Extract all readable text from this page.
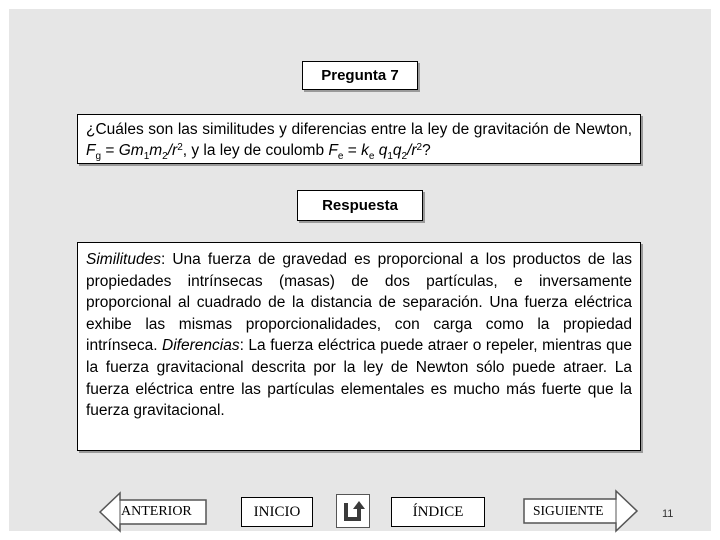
Pregunta 7
¿Cuáles son las similitudes y diferencias entre la ley de gravitación de Newton, $F_g = Gm_1m_2/r^2$, y la ley de coulomb $F_e = k_e$ $q_1q_2/r^2$?
Respuesta
Similitudes: Una fuerza de gravedad es proporcional a los productos de las propiedades intrínsecas (masas) de dos partículas, e inversamente proporcional al cuadrado de la distancia de separación. Una fuerza eléctrica exhibe las mismas proporcionalidades, con carga como la propiedad intrínseca. Diferencias: La fuerza eléctrica puede atraer o repeler, mientras que la fuerza gravitacional descrita por la ley de Newton sólo puede atraer. La fuerza eléctrica entre las partículas elementales es mucho más fuerte que la fuerza gravitacional.
ANTERIOR	INICIO	ÍNDICE	SIGUIENTE	11
